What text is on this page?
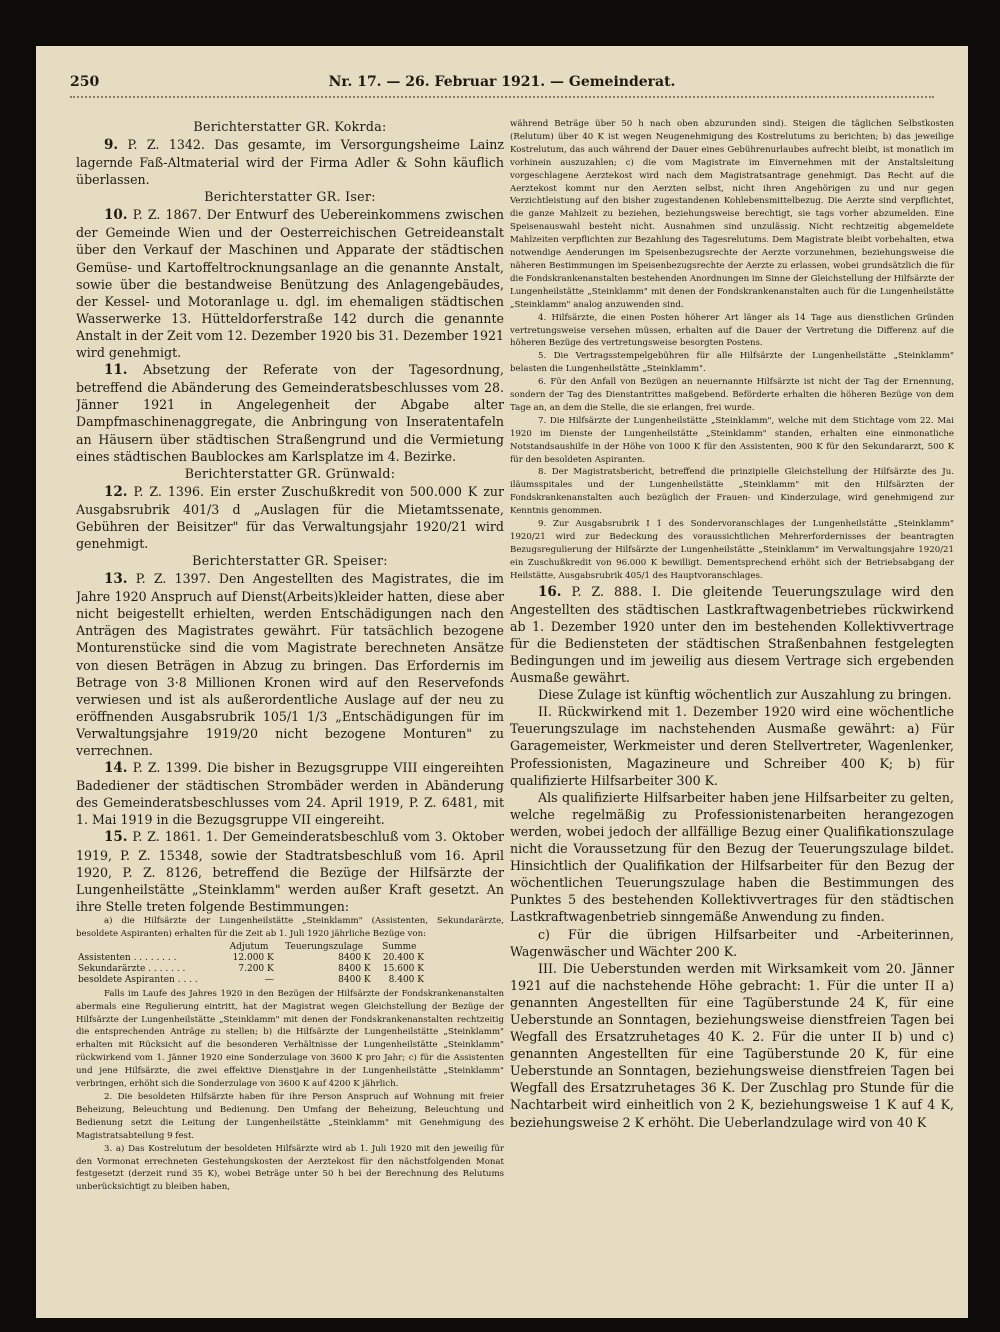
250	Nr. 17. — 26. Februar 1921. — Gemeinderat.

Berichterstatter GR. Kokrda:

9. P. Z. 1342. Das gesamte, im Versorgungsheime Lainz lagernde Faß-Altmaterial wird der Firma Adler & Sohn käuflich überlassen.

Berichterstatter GR. Iser:

10. P. Z. 1867. Der Entwurf des Uebereinkommens zwischen der Gemeinde Wien und der Oesterreichischen Getreideanstalt über den Verkauf der Maschinen und Apparate der städtischen Gemüse- und Kartoffeltrocknungsanlage an die genannte Anstalt, sowie über die bestandweise Benützung des Anlagengebäudes, der Kessel- und Motoranlage u. dgl. im ehemaligen städtischen Wasserwerke 13. Hütteldorferstraße 142 durch die genannte Anstalt in der Zeit vom 12. Dezember 1920 bis 31. Dezember 1921 wird genehmigt.

11. Absetzung der Referate von der Tagesordnung, betreffend die Abänderung des Gemeinderatsbeschlusses vom 28. Jänner 1921 in Angelegenheit der Abgabe alter Dampfmaschinenaggregate, die Anbringung von Inseratentafeln an Häusern über städtischen Straßengrund und die Vermietung eines städtischen Baublockes am Karlsplatze im 4. Bezirke.

Berichterstatter GR. Grünwald:

12. P. Z. 1396. Ein erster Zuschußkredit von 500.000 K zur Ausgabsrubrik 401/3 d „Auslagen für die Mietamtssenate, Gebühren der Beisitzer" für das Verwaltungsjahr 1920/21 wird genehmigt.

Berichterstatter GR. Speiser:

13. P. Z. 1397. Den Angestellten des Magistrates, die im Jahre 1920 Anspruch auf Dienst(Arbeits)kleider hatten, diese aber nicht beigestellt erhielten, werden Entschädigungen nach den Anträgen des Magistrates gewährt. Für tatsächlich bezogene Monturenstücke sind die vom Magistrate berechneten Ansätze von diesen Beträgen in Abzug zu bringen. Das Erfordernis im Betrage von 3·8 Millionen Kronen wird auf den Reservefonds verwiesen und ist als außerordentliche Auslage auf der neu zu eröffnenden Ausgabsrubrik 105/1 1/3 „Entschädigungen für im Verwaltungsjahre 1919/20 nicht bezogene Monturen" zu verrechnen.

14. P. Z. 1399. Die bisher in Bezugsgruppe VIII eingereihten Badediener der städtischen Strombäder werden in Abänderung des Gemeinderatsbeschlusses vom 24. April 1919, P. Z. 6481, mit 1. Mai 1919 in die Bezugsgruppe VII eingereiht.

15. P. Z. 1861. 1. Der Gemeinderatsbeschluß vom 3. Oktober 1919, P. Z. 15348, sowie der Stadtratsbeschluß vom 16. April 1920, P. Z. 8126, betreffend die Bezüge der Hilfsärzte der Lungenheilstätte „Steinklamm" werden außer Kraft gesetzt. An ihre Stelle treten folgende Bestimmungen:

a) die Hilfsärzte der Lungenheilstätte „Steinklamm" (Assistenten, Sekundarärzte, besoldete Aspiranten) erhalten für die Zeit ab 1. Juli 1920 jährliche Bezüge von:

	Adjutum	Teuerungszulage	Summe
Assistenten . . . . . . . .	12.000 K	8400 K	20.400 K
Sekundarärzte . . . . . . .	7.200 K	8400 K	15.600 K
besoldete Aspiranten . . . .	—	8400 K	8.400 K

Falls im Laufe des Jahres 1920 in den Bezügen der Hilfsärzte der Fondskrankenanstalten abermals eine Regulierung eintritt, hat der Magistrat wegen Gleichstellung der Bezüge der Hilfsärzte der Lungenheilstätte „Steinklamm" mit denen der Fondskrankenanstalten rechtzeitig die entsprechenden Anträge zu stellen; b) die Hilfsärzte der Lungenheilstätte „Steinklamm" erhalten mit Rücksicht auf die besonderen Verhältnisse der Lungenheilstätte „Steinklamm" rückwirkend vom 1. Jänner 1920 eine Sonderzulage von 3600 K pro Jahr; c) für die Assistenten und jene Hilfsärzte, die zwei effektive Dienstjahre in der Lungenheilstätte „Steinklamm" verbringen, erhöht sich die Sonderzulage von 3600 K auf 4200 K jährlich.

2. Die besoldeten Hilfsärzte haben für ihre Person Anspruch auf Wohnung mit freier Beheizung, Beleuchtung und Bedienung. Den Umfang der Beheizung, Beleuchtung und Bedienung setzt die Leitung der Lungenheilstätte „Steinklamm" mit Genehmigung des Magistratsabteilung 9 fest.

3. a) Das Kostrelutum der besoldeten Hilfsärzte wird ab 1. Juli 1920 mit den jeweilig für den Vormonat errechneten Gestehungskosten der Aerztekost für den nächstfolgenden Monat festgesetzt (derzeit rund 35 K), wobei Beträge unter 50 h bei der Berechnung des Relutums unberücksichtigt zu bleiben haben,

während Beträge über 50 h nach oben abzurunden sind). Steigen die täglichen Selbstkosten (Relutum) über 40 K ist wegen Neugenehmigung des Kostrelutums zu berichten; b) das jeweilige Kostrelutum, das auch während der Dauer eines Gebührenurlaubes aufrecht bleibt, ist monatlich im vorhinein auszuzahlen; c) die vom Magistrate im Einvernehmen mit der Anstaltsleitung vorgeschlagene Aerztekost wird nach dem Magistratsantrage genehmigt. Das Recht auf die Aerztekost kommt nur den Aerzten selbst, nicht ihren Angehörigen zu und nur gegen Verzichtleistung auf den bisher zugestandenen Kohlebensmittelbezug. Die Aerzte sind verpflichtet, die ganze Mahlzeit zu beziehen, beziehungsweise berechtigt, sie tags vorher abzumelden. Eine Speisenauswahl besteht nicht. Ausnahmen sind unzulässig. Nicht rechtzeitig abgemeldete Mahlzeiten verpflichten zur Bezahlung des Tagesrelutums. Dem Magistrate bleibt vorbehalten, etwa notwendige Aenderungen im Speisenbezugsrechte der Aerzte vorzunehmen, beziehungsweise die näheren Bestimmungen im Speisenbezugsrechte der Aerzte zu erlassen, wobei grundsätzlich die für die Fondskrankenanstalten bestehenden Anordnungen im Sinne der Gleichstellung der Hilfsärzte der Lungenheilstätte „Steinklamm" mit denen der Fondskrankenanstalten auch für die Lungenheilstätte „Steinklamm" analog anzuwenden sind.

4. Hilfsärzte, die einen Posten höherer Art länger als 14 Tage aus dienstlichen Gründen vertretungsweise versehen müssen, erhalten auf die Dauer der Vertretung die Differenz auf die höheren Bezüge des vertretungsweise besorgten Postens.

5. Die Vertragsstempelgebühren für alle Hilfsärzte der Lungenheilstätte „Steinklamm" belasten die Lungenheilstätte „Steinklamm".

6. Für den Anfall von Bezügen an neuernannte Hilfsärzte ist nicht der Tag der Ernennung, sondern der Tag des Dienstantrittes maßgebend. Beförderte erhalten die höheren Bezüge von dem Tage an, an dem die Stelle, die sie erlangen, frei wurde.

7. Die Hilfsärzte der Lungenheilstätte „Steinklamm", welche mit dem Stichtage vom 22. Mai 1920 im Dienste der Lungenheilstätte „Steinklamm" standen, erhalten eine einmonatliche Notstandsaushilfe in der Höhe von 1000 K für den Assistenten, 900 K für den Sekundararzt, 500 K für den besoldeten Aspiranten.

8. Der Magistratsbericht, betreffend die prinzipielle Gleichstellung der Hilfsärzte des Ju. iläumsspitales und der Lungenheilstätte „Steinklamm" mit den Hilfsärzten der Fondskrankenanstalten auch bezüglich der Frauen- und Kinderzulage, wird genehmigend zur Kenntnis genommen.

9. Zur Ausgabsrubrik I 1 des Sondervoranschlages der Lungenheilstätte „Steinklamm" 1920/21 wird zur Bedeckung des voraussichtlichen Mehrerfordernisses der beantragten Bezugsregulierung der Hilfsärzte der Lungenheilstätte „Steinklamm" im Verwaltungsjahre 1920/21 ein Zuschußkredit von 96.000 K bewilligt. Dementsprechend erhöht sich der Betriebsabgang der Heilstätte, Ausgabsrubrik 405/1 des Hauptvoranschlages.

16. P. Z. 888. I. Die gleitende Teuerungszulage wird den Angestellten des städtischen Lastkraftwagenbetriebes rückwirkend ab 1. Dezember 1920 unter den im bestehenden Kollektivvertrage für die Bediensteten der städtischen Straßenbahnen festgelegten Bedingungen und im jeweilig aus diesem Vertrage sich ergebenden Ausmaße gewährt.

Diese Zulage ist künftig wöchentlich zur Auszahlung zu bringen.

II. Rückwirkend mit 1. Dezember 1920 wird eine wöchentliche Teuerungszulage im nachstehenden Ausmaße gewährt: a) Für Garagemeister, Werkmeister und deren Stellvertreter, Wagenlenker, Professionisten, Magazineure und Schreiber 400 K; b) für qualifizierte Hilfsarbeiter 300 K.

Als qualifizierte Hilfsarbeiter haben jene Hilfsarbeiter zu gelten, welche regelmäßig zu Professionistenarbeiten herangezogen werden, wobei jedoch der allfällige Bezug einer Qualifikationszulage nicht die Voraussetzung für den Bezug der Teuerungszulage bildet. Hinsichtlich der Qualifikation der Hilfsarbeiter für den Bezug der wöchentlichen Teuerungszulage haben die Bestimmungen des Punktes 5 des bestehenden Kollektivvertrages für den städtischen Lastkraftwagenbetrieb sinngemäße Anwendung zu finden.

c) Für die übrigen Hilfsarbeiter und -Arbeiterinnen, Wagenwäscher und Wächter 200 K.

III. Die Ueberstunden werden mit Wirksamkeit vom 20. Jänner 1921 auf die nachstehende Höhe gebracht: 1. Für die unter II a) genannten Angestellten für eine Tagüberstunde 24 K, für eine Ueberstunde an Sonntagen, beziehungsweise dienstfreien Tagen bei Wegfall des Ersatzruhetages 40 K. 2. Für die unter II b) und c) genannten Angestellten für eine Tagüberstunde 20 K, für eine Ueberstunde an Sonntagen, beziehungsweise dienstfreien Tagen bei Wegfall des Ersatzruhetages 36 K. Der Zuschlag pro Stunde für die Nachtarbeit wird einheitlich von 2 K, beziehungsweise 1 K auf 4 K, beziehungsweise 2 K erhöht. Die Ueberlandzulage wird von 40 K
